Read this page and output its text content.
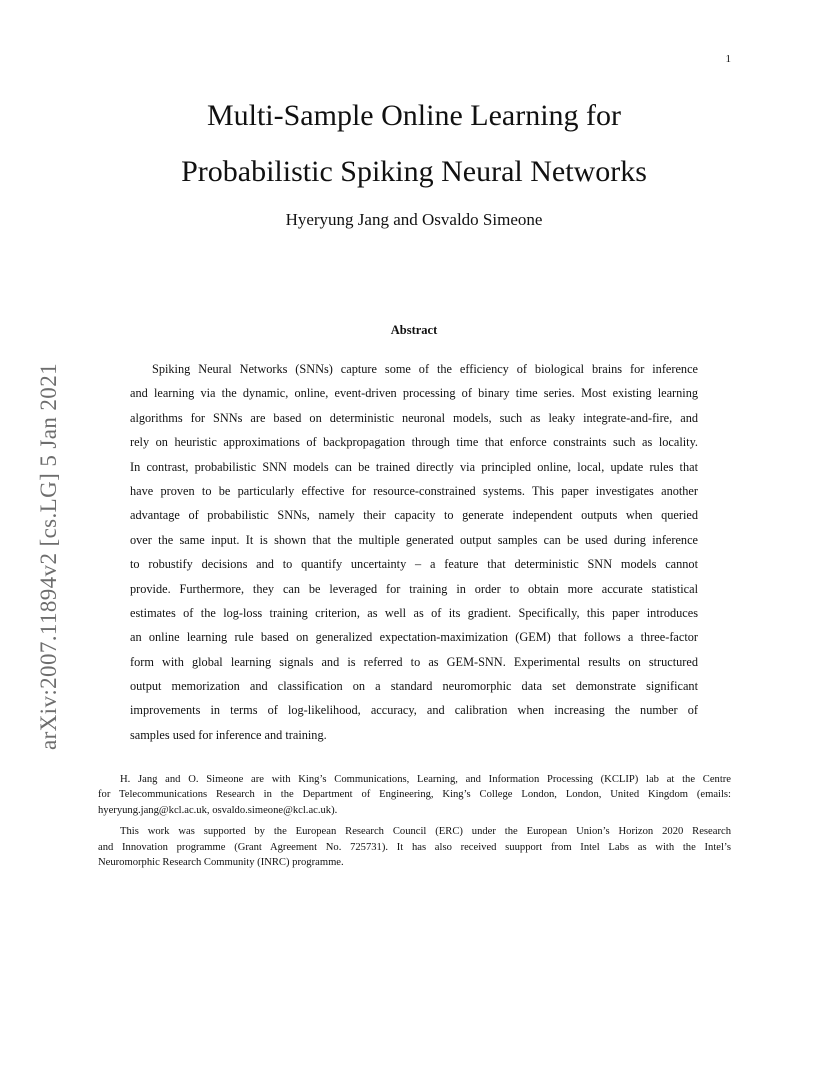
1
arXiv:2007.11894v2 [cs.LG] 5 Jan 2021
Multi-Sample Online Learning for
Probabilistic Spiking Neural Networks
Hyeryung Jang and Osvaldo Simeone
Abstract
Spiking Neural Networks (SNNs) capture some of the efficiency of biological brains for inference
and learning via the dynamic, online, event-driven processing of binary time series. Most existing learning
algorithms for SNNs are based on deterministic neuronal models, such as leaky integrate-and-fire, and
rely on heuristic approximations of backpropagation through time that enforce constraints such as locality.
In contrast, probabilistic SNN models can be trained directly via principled online, local, update rules that
have proven to be particularly effective for resource-constrained systems. This paper investigates another
advantage of probabilistic SNNs, namely their capacity to generate independent outputs when queried
over the same input. It is shown that the multiple generated output samples can be used during inference
to robustify decisions and to quantify uncertainty – a feature that deterministic SNN models cannot
provide. Furthermore, they can be leveraged for training in order to obtain more accurate statistical
estimates of the log-loss training criterion, as well as of its gradient. Specifically, this paper introduces
an online learning rule based on generalized expectation-maximization (GEM) that follows a three-factor
form with global learning signals and is referred to as GEM-SNN. Experimental results on structured
output memorization and classification on a standard neuromorphic data set demonstrate significant
improvements in terms of log-likelihood, accuracy, and calibration when increasing the number of
samples used for inference and training.
H. Jang and O. Simeone are with King’s Communications, Learning, and Information Processing (KCLIP) lab at the Centre
for Telecommunications Research in the Department of Engineering, King’s College London, London, United Kingdom (emails:
hyeryung.jang@kcl.ac.uk, osvaldo.simeone@kcl.ac.uk).
This work was supported by the European Research Council (ERC) under the European Union’s Horizon 2020 Research
and Innovation programme (Grant Agreement No. 725731). It has also received suupport from Intel Labs as with the Intel’s
Neuromorphic Research Community (INRC) programme.
